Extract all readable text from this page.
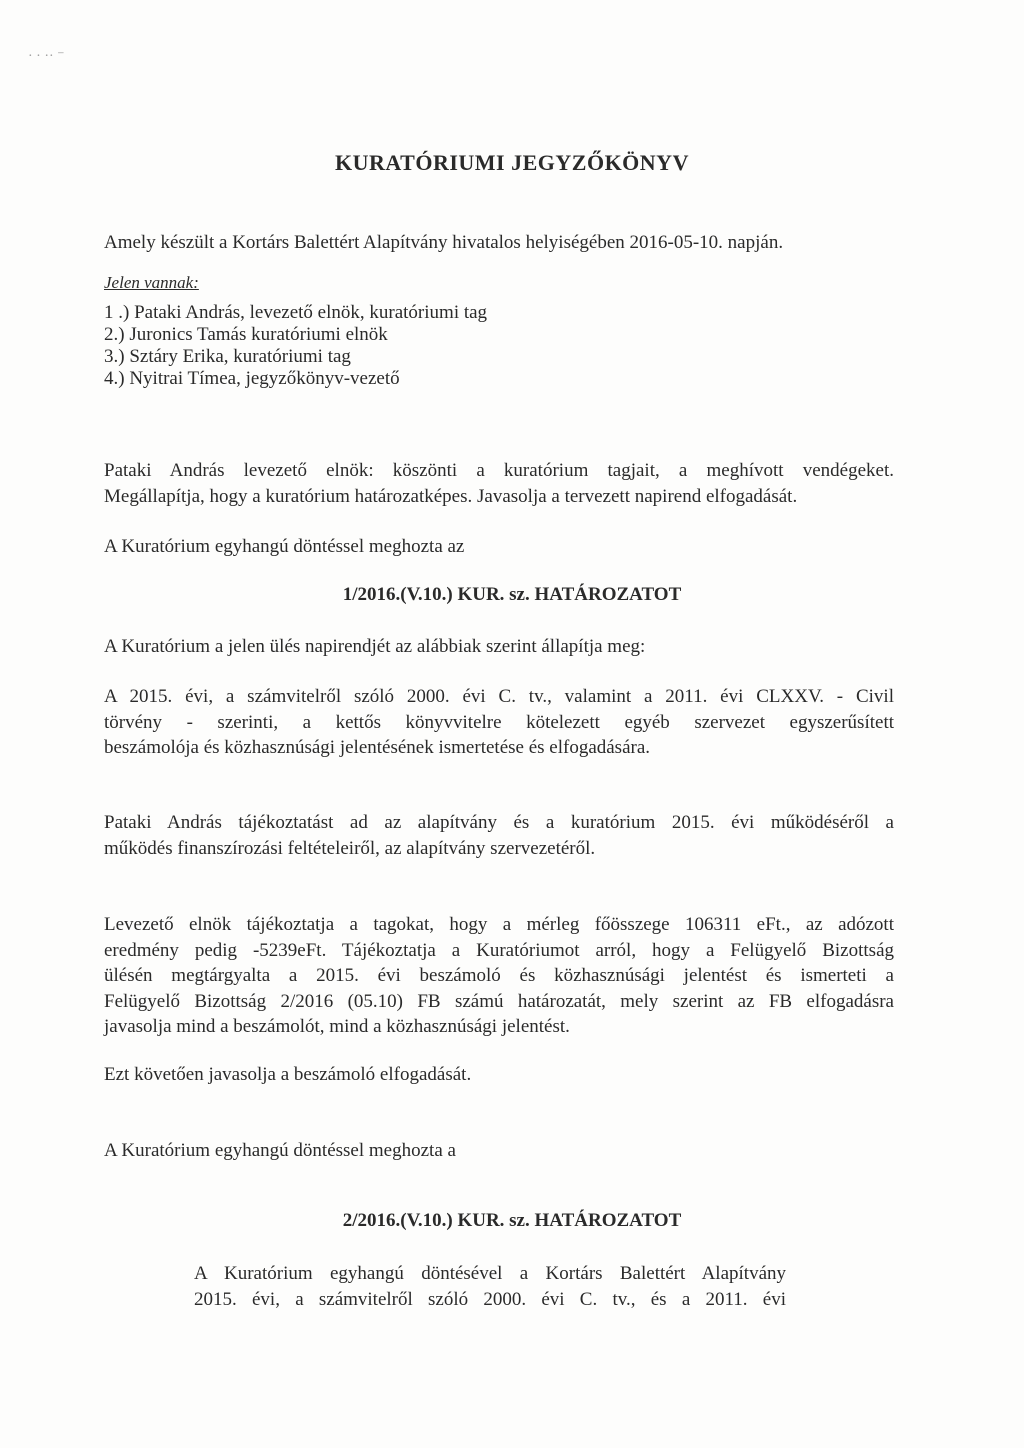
· · ·· ⁻
KURATÓRIUMI JEGYZŐKÖNYV

Amely készült a Kortárs Balettért Alapítvány hivatalos helyiségében 2016-05-10. napján.

Jelen vannak:

1 .) Pataki András, levezető elnök, kuratóriumi tag
2.) Juronics Tamás kuratóriumi elnök
3.) Sztáry Erika, kuratóriumi tag
4.) Nyitrai Tímea, jegyzőkönyv-vezető
Pataki András levezető elnök: köszönti a kuratórium tagjait, a meghívott vendégeket.
Megállapítja, hogy a kuratórium határozatképes. Javasolja a tervezett napirend elfogadását.

A Kuratórium egyhangú döntéssel meghozta az

1/2016.(V.10.) KUR. sz. HATÁROZATOT

A Kuratórium a jelen ülés napirendjét az alábbiak szerint állapítja meg:

A 2015. évi, a számvitelről szóló 2000. évi C. tv., valamint a 2011. évi CLXXV. - Civil
törvény - szerinti, a kettős könyvvitelre kötelezett egyéb szervezet egyszerűsített
beszámolója és közhasznúsági jelentésének ismertetése és elfogadására.
Pataki András tájékoztatást ad az alapítvány és a kuratórium 2015. évi működéséről a
működés finanszírozási feltételeiről, az alapítvány szervezetéről.
Levezető elnök tájékoztatja a tagokat, hogy a mérleg főösszege 106311 eFt., az adózott
eredmény pedig -5239eFt. Tájékoztatja a Kuratóriumot arról, hogy a Felügyelő Bizottság
ülésén megtárgyalta a 2015. évi beszámoló és közhasznúsági jelentést és ismerteti a
Felügyelő Bizottság 2/2016 (05.10) FB számú határozatát, mely szerint az FB elfogadásra
javasolja mind a beszámolót, mind a közhasznúsági jelentést.

Ezt követően javasolja a beszámoló elfogadását.

A Kuratórium egyhangú döntéssel meghozta a

2/2016.(V.10.) KUR. sz. HATÁROZATOT

A Kuratórium egyhangú döntésével a Kortárs Balettért Alapítvány
2015. évi, a számvitelről szóló 2000. évi C. tv., és a 2011. évi
